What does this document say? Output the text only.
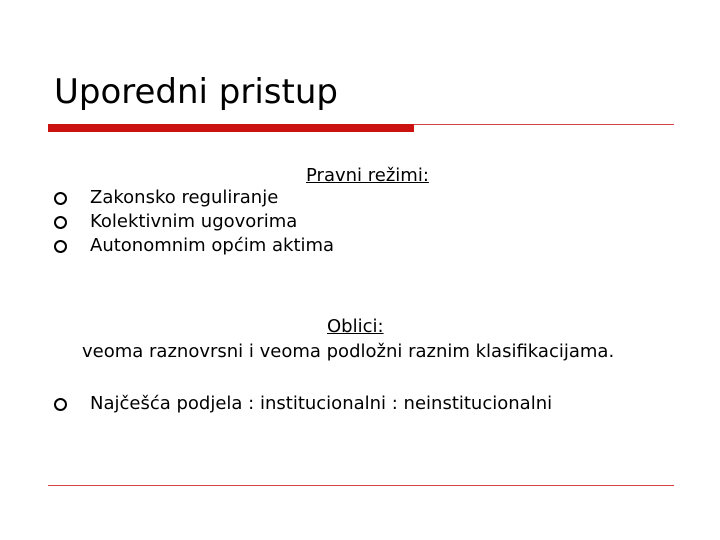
Uporedni pristup
Pravni režimi:
Zakonsko reguliranje
Kolektivnim ugovorima
Autonomnim općim aktima
Oblici:
veoma raznovrsni i veoma podložni raznim klasifikacijama.
Najčešća podjela : institucionalni : neinstitucionalni
